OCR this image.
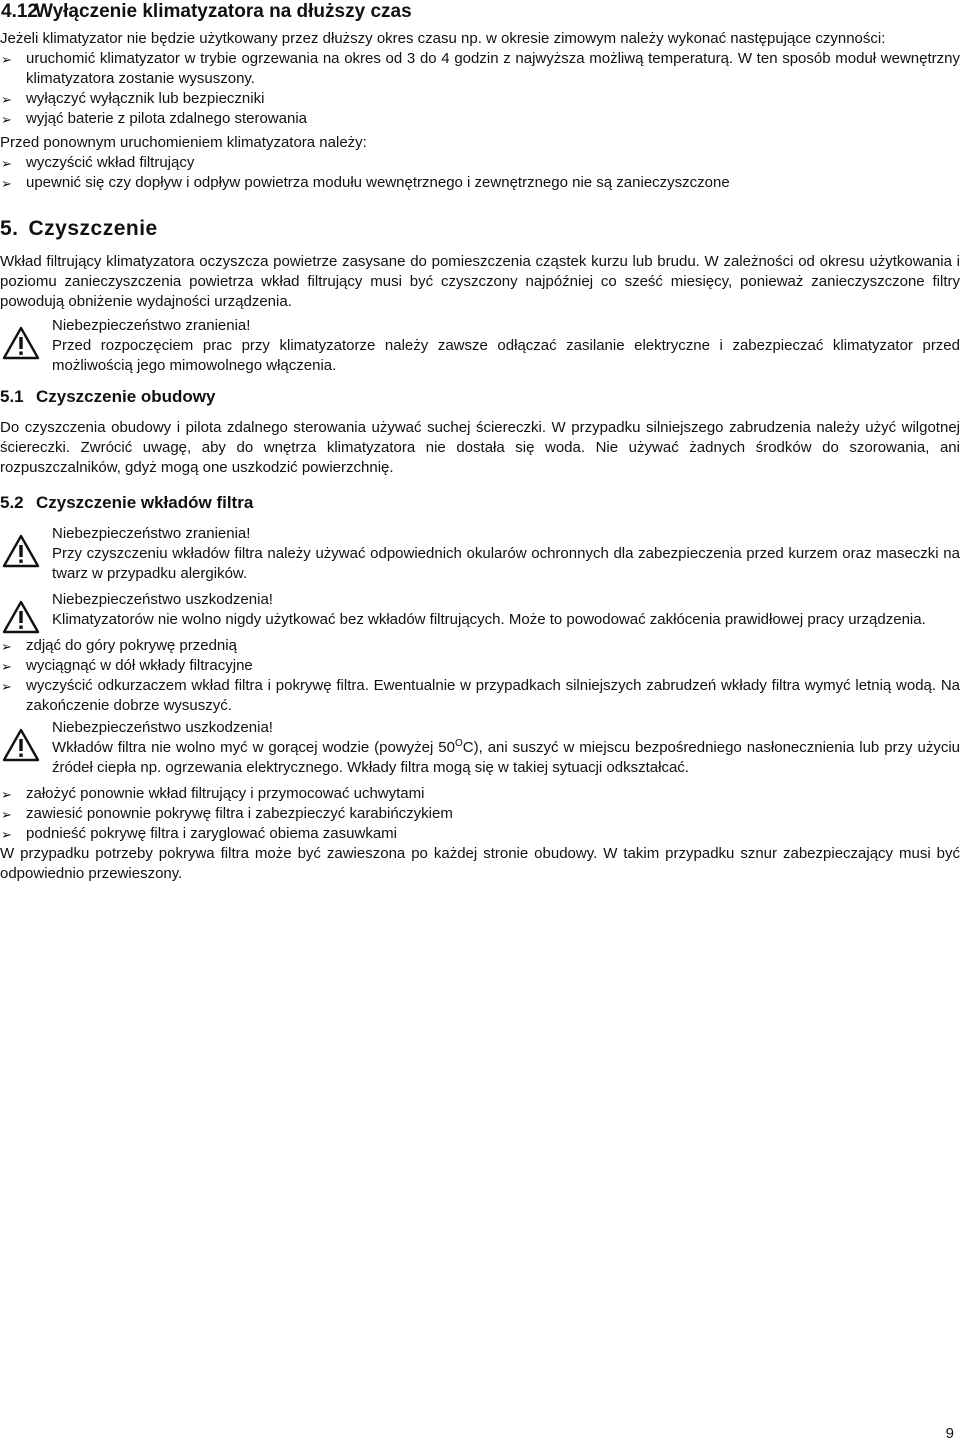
4.12Wyłączenie klimatyzatora na dłuższy czas

Jeżeli klimatyzator nie będzie użytkowany przez dłuższy okres czasu np. w okresie zimowym należy wykonać następujące czynności:

➢ uruchomić klimatyzator w trybie ogrzewania na okres od 3 do 4 godzin z najwyższa możliwą temperaturą. W ten sposób moduł wewnętrzny klimatyzatora zostanie wysuszony.
➢ wyłączyć wyłącznik lub bezpieczniki
➢ wyjąć baterie z pilota zdalnego sterowania

Przed ponownym uruchomieniem klimatyzatora należy:

➢ wyczyścić wkład filtrujący
➢ upewnić się czy dopływ i odpływ powietrza modułu wewnętrznego i zewnętrznego nie są zanieczyszczone
5. Czyszczenie

Wkład filtrujący klimatyzatora oczyszcza powietrze zasysane do pomieszczenia cząstek kurzu lub brudu. W zależności od okresu użytkowania i poziomu zanieczyszczenia powietrza wkład filtrujący musi być czyszczony najpóźniej co sześć miesięcy, ponieważ zanieczyszczone filtry powodują obniżenie wydajności urządzenia.

Niebezpieczeństwo zranienia!

Przed rozpoczęciem prac przy klimatyzatorze należy zawsze odłączać zasilanie elektryczne i zabezpieczać klimatyzator przed możliwością jego mimowolnego włączenia.

5.1 Czyszczenie obudowy

Do czyszczenia obudowy i pilota zdalnego sterowania używać suchej ściereczki. W przypadku silniejszego zabrudzenia należy użyć wilgotnej ściereczki. Zwrócić uwagę, aby do wnętrza klimatyzatora nie dostała się woda. Nie używać żadnych środków do szorowania, ani rozpuszczalników, gdyż mogą one uszkodzić powierzchnię.

5.2 Czyszczenie wkładów filtra

Niebezpieczeństwo zranienia!

Przy czyszczeniu wkładów filtra należy używać odpowiednich okularów ochronnych dla zabezpieczenia przed kurzem oraz maseczki na twarz w przypadku alergików.

Niebezpieczeństwo uszkodzenia!

Klimatyzatorów nie wolno nigdy użytkować bez wkładów filtrujących. Może to powodować zakłócenia prawidłowej pracy urządzenia.

➢ zdjąć do góry pokrywę przednią
➢ wyciągnąć w dół wkłady filtracyjne
➢ wyczyścić odkurzaczem wkład filtra i pokrywę filtra. Ewentualnie w przypadkach silniejszych zabrudzeń wkłady filtra wymyć letnią wodą. Na zakończenie dobrze wysuszyć.

Niebezpieczeństwo uszkodzenia!

Wkładów filtra nie wolno myć w gorącej wodzie (powyżej $50^OC$), ani suszyć w miejscu bezpośredniego nasłonecznienia lub przy użyciu źródeł ciepła np. ogrzewania elektrycznego. Wkłady filtra mogą się w takiej sytuacji odkształcać.

➢ założyć ponownie wkład filtrujący i przymocować uchwytami
➢ zawiesić ponownie pokrywę filtra i zabezpieczyć karabińczykiem
➢ podnieść pokrywę filtra i zaryglować obiema zasuwkami

W przypadku potrzeby pokrywa filtra może być zawieszona po każdej stronie obudowy. W takim przypadku sznur zabezpieczający musi być odpowiednio przewieszony.

9
